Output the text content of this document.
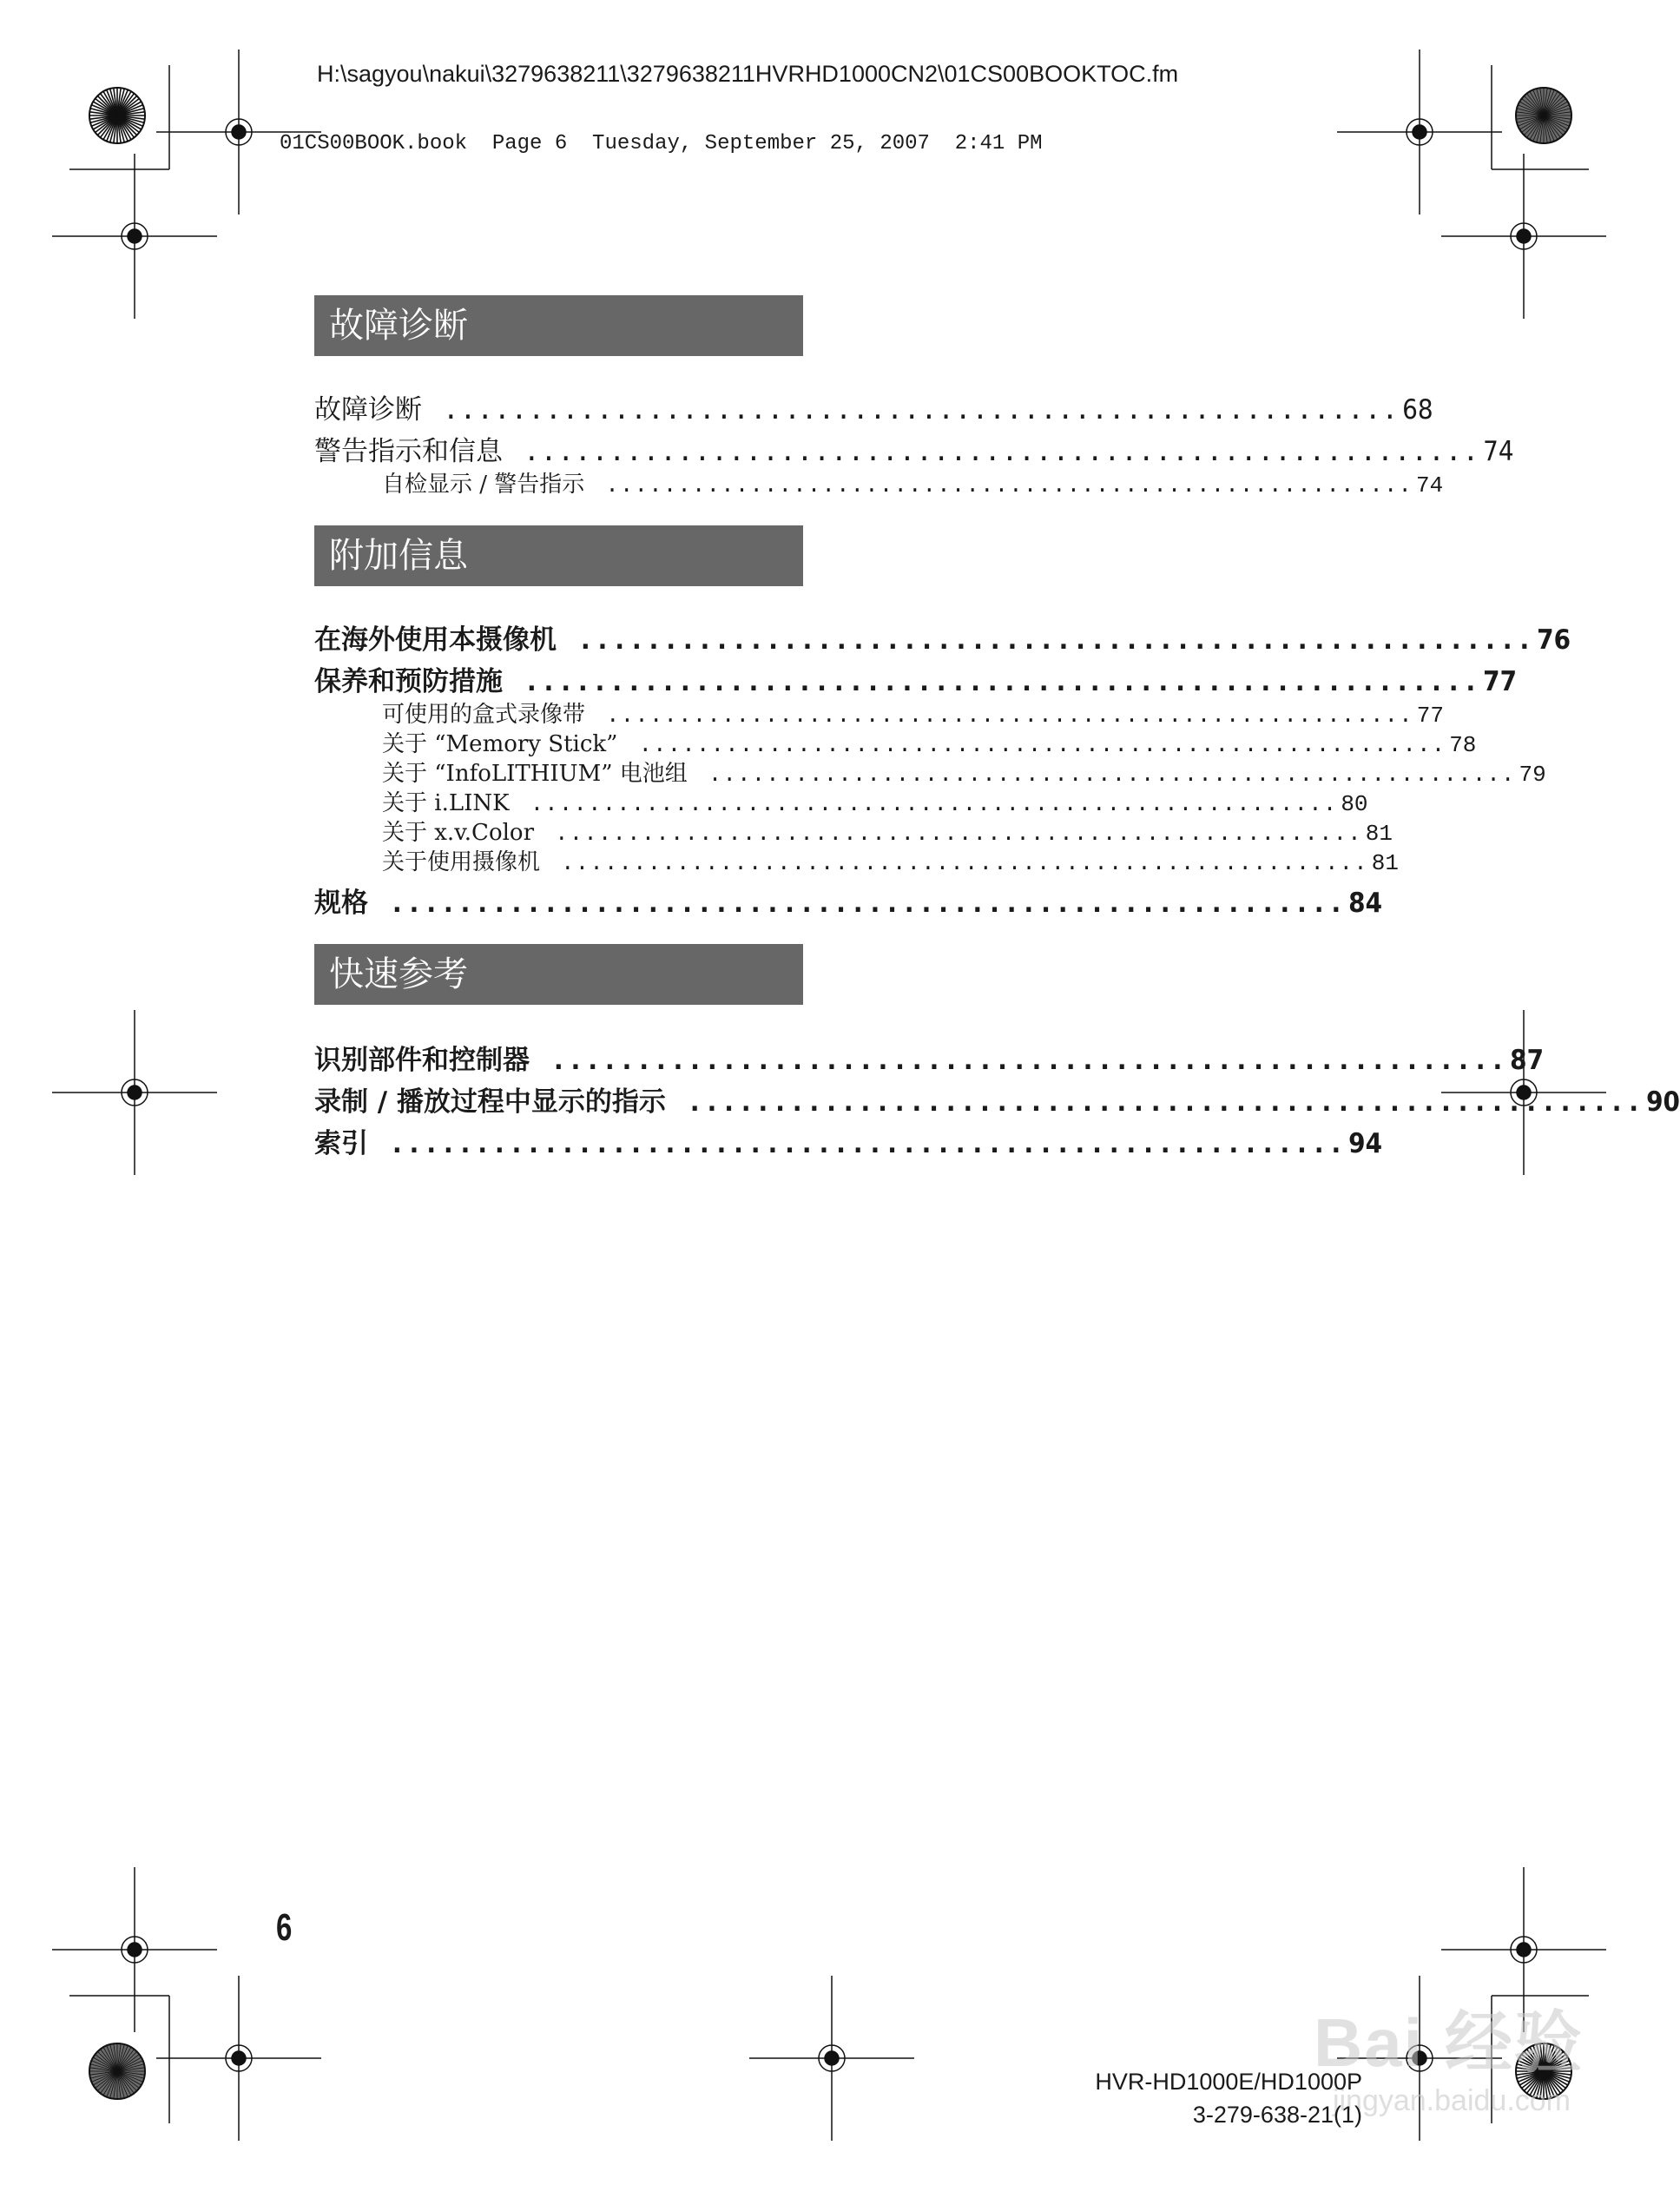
H:\sagyou\nakui\3279638211\3279638211HVRHD1000CN2\01CS00BOOKTOC.fm
01CS00BOOK.book  Page 6  Tuesday, September 25, 2007  2:41 PM
故障诊断
故障诊断 ........................................................ 68
警告指示和信息 ........................................................ 74
自检显示 / 警告指示 ........................................................ 74
附加信息
在海外使用本摄像机 ........................................................ 76
保养和预防措施 ........................................................ 77
可使用的盒式录像带 ........................................................ 77
关于 “Memory Stick” ........................................................ 78
关于 “InfoLITHIUM” 电池组 ........................................................ 79
关于 i.LINK ........................................................ 80
关于 x.v.Color ........................................................ 81
关于使用摄像机 ........................................................ 81
规格 ........................................................ 84
快速参考
识别部件和控制器 ........................................................ 87
录制 / 播放过程中显示的指示 ........................................................ 90
索引 ........................................................ 94
6
Bai 经验
jingyan.baidu.com
HVR-HD1000E/HD1000P
3-279-638-21(1)
